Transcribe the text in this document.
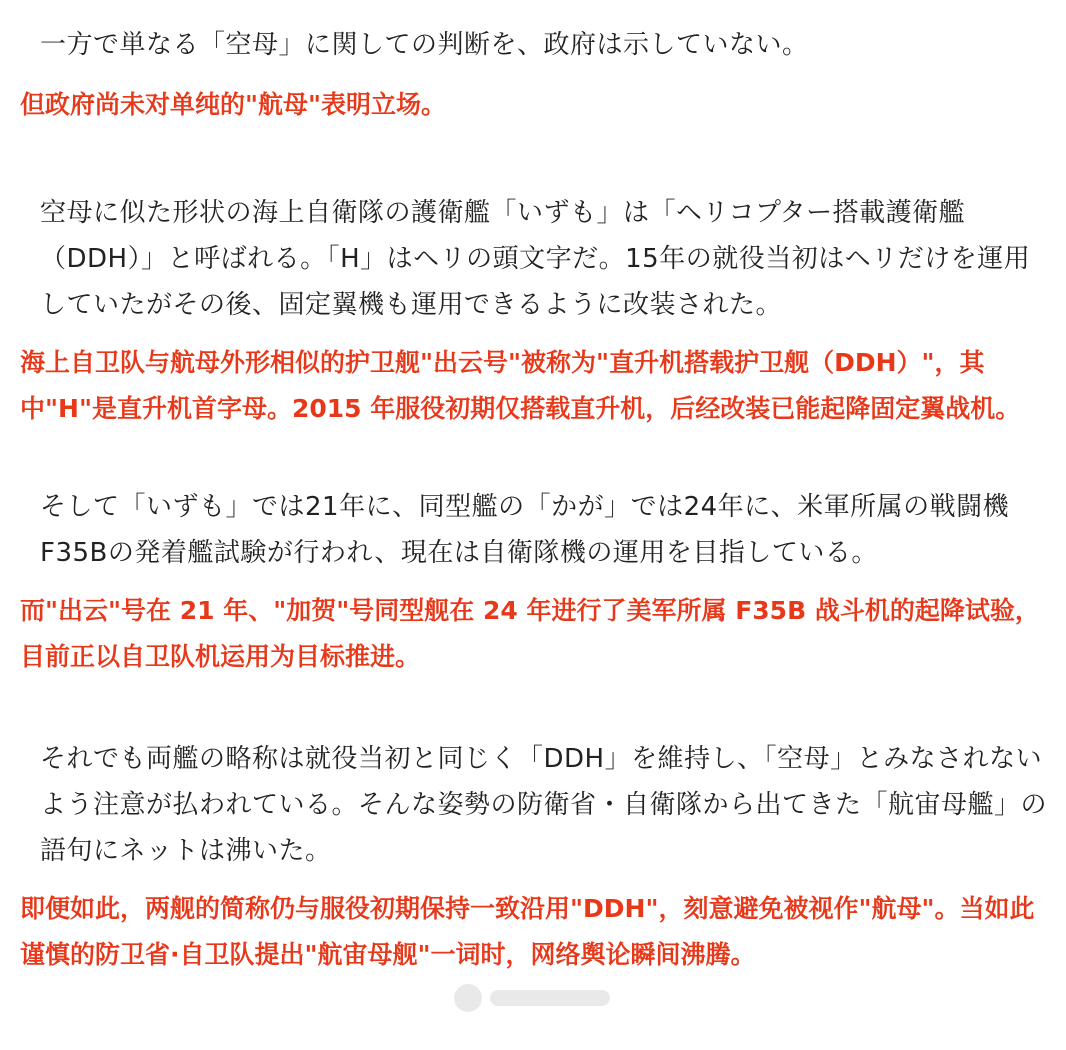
一方で単なる「空母」に関しての判断を、政府は示していない。

但政府尚未对单纯的"航母"表明立场。

空母に似た形状の海上自衛隊の護衛艦「いずも」は「ヘリコプター搭載護衛艦（DDH）」と呼ばれる。「H」はヘリの頭文字だ。15年の就役当初はヘリだけを運用していたがその後、固定翼機も運用できるように改装された。

海上自卫队与航母外形相似的护卫舰"出云号"被称为"直升机搭载护卫舰（DDH）"，其中"H"是直升机首字母。2015 年服役初期仅搭载直升机，后经改装已能起降固定翼战机。

そして「いずも」では21年に、同型艦の「かが」では24年に、米軍所属の戦闘機F35Bの発着艦試験が行われ、現在は自衛隊機の運用を目指している。

而"出云"号在 21 年、"加贺"号同型舰在 24 年进行了美军所属 F35B 战斗机的起降试验，目前正以自卫队机运用为目标推进。

それでも両艦の略称は就役当初と同じく「DDH」を維持し、「空母」とみなされないよう注意が払われている。そんな姿勢の防衛省・自衛隊から出てきた「航宙母艦」の語句にネットは沸いた。

即便如此，两舰的简称仍与服役初期保持一致沿用"DDH"，刻意避免被视作"航母"。当如此谨慎的防卫省·自卫队提出"航宙母舰"一词时，网络舆论瞬间沸腾。
